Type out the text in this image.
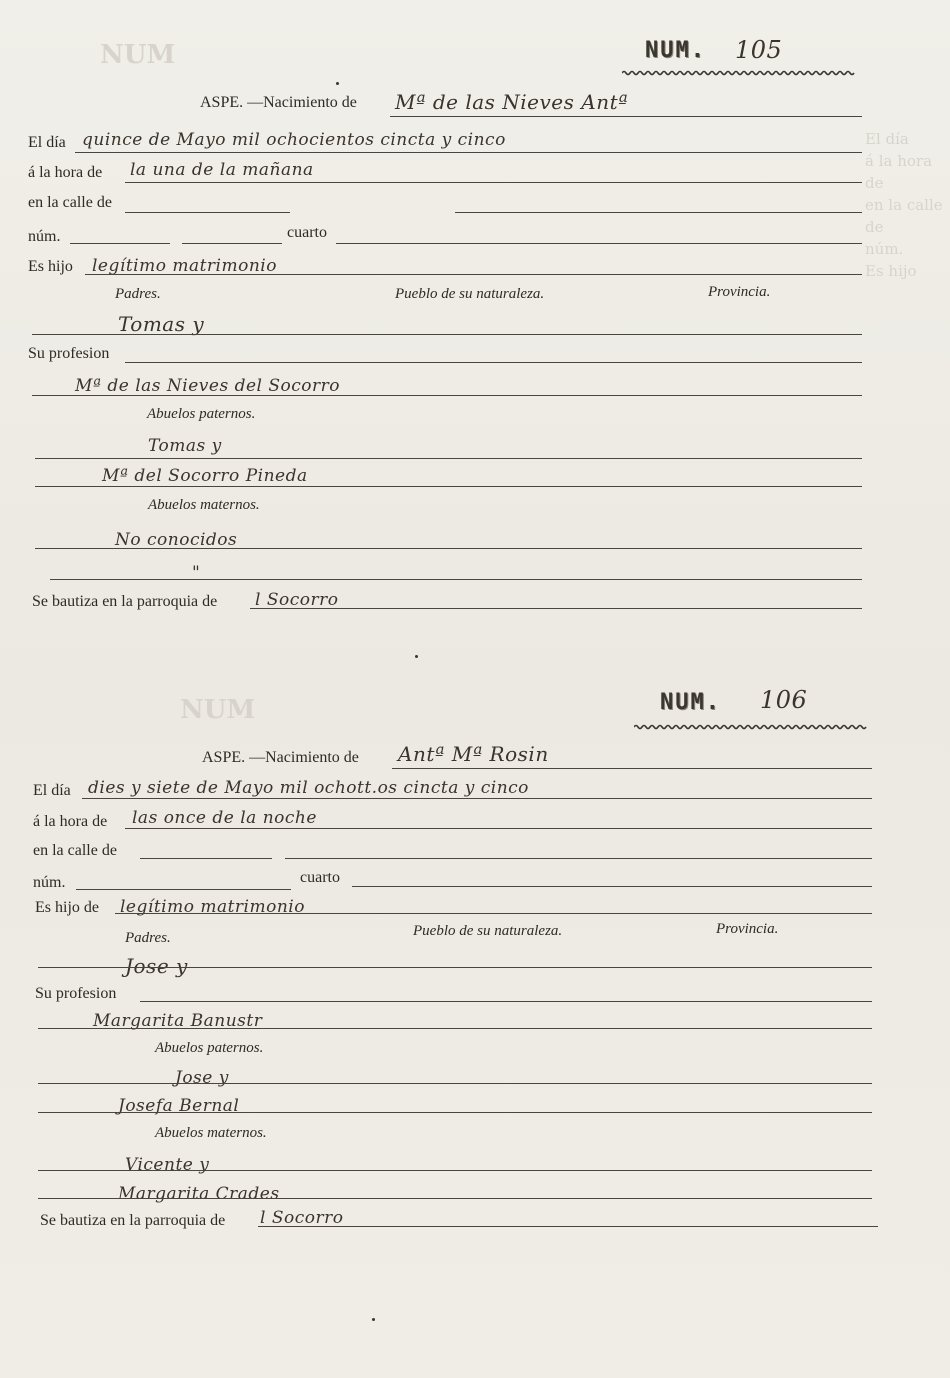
NUM
NUM
El día
á la hora de
en la calle de
núm.
Es hijo
NUM. 105
ASPE. —Nacimiento de Mª de las Nieves Antª
El día quince de Mayo mil ochocientos cincta y cinco
á la hora de la una de la mañana
en la calle de
núm.	cuarto
Es hijo legítimo matrimonio
Padres.	Pueblo de su naturaleza.	Provincia.
Tomas y
Su profesion
Mª de las Nieves del Socorro
Abuelos paternos.
Tomas y
Mª del Socorro Pineda
Abuelos maternos.
No conocidos
"
Se bautiza en la parroquia de l Socorro
NUM. 106
ASPE. —Nacimiento de Antª Mª Rosin
El día dies y siete de Mayo mil ochott.os cincta y cinco
á la hora de las once de la noche
en la calle de
núm.	cuarto
Es hijo de legítimo matrimonio
Padres.	Pueblo de su naturaleza.	Provincia.
Jose y
Su profesion
Margarita Banustr
Abuelos paternos.
Jose y
Josefa Bernal
Abuelos maternos.
Vicente y
Margarita Crades
Se bautiza en la parroquia de l Socorro
